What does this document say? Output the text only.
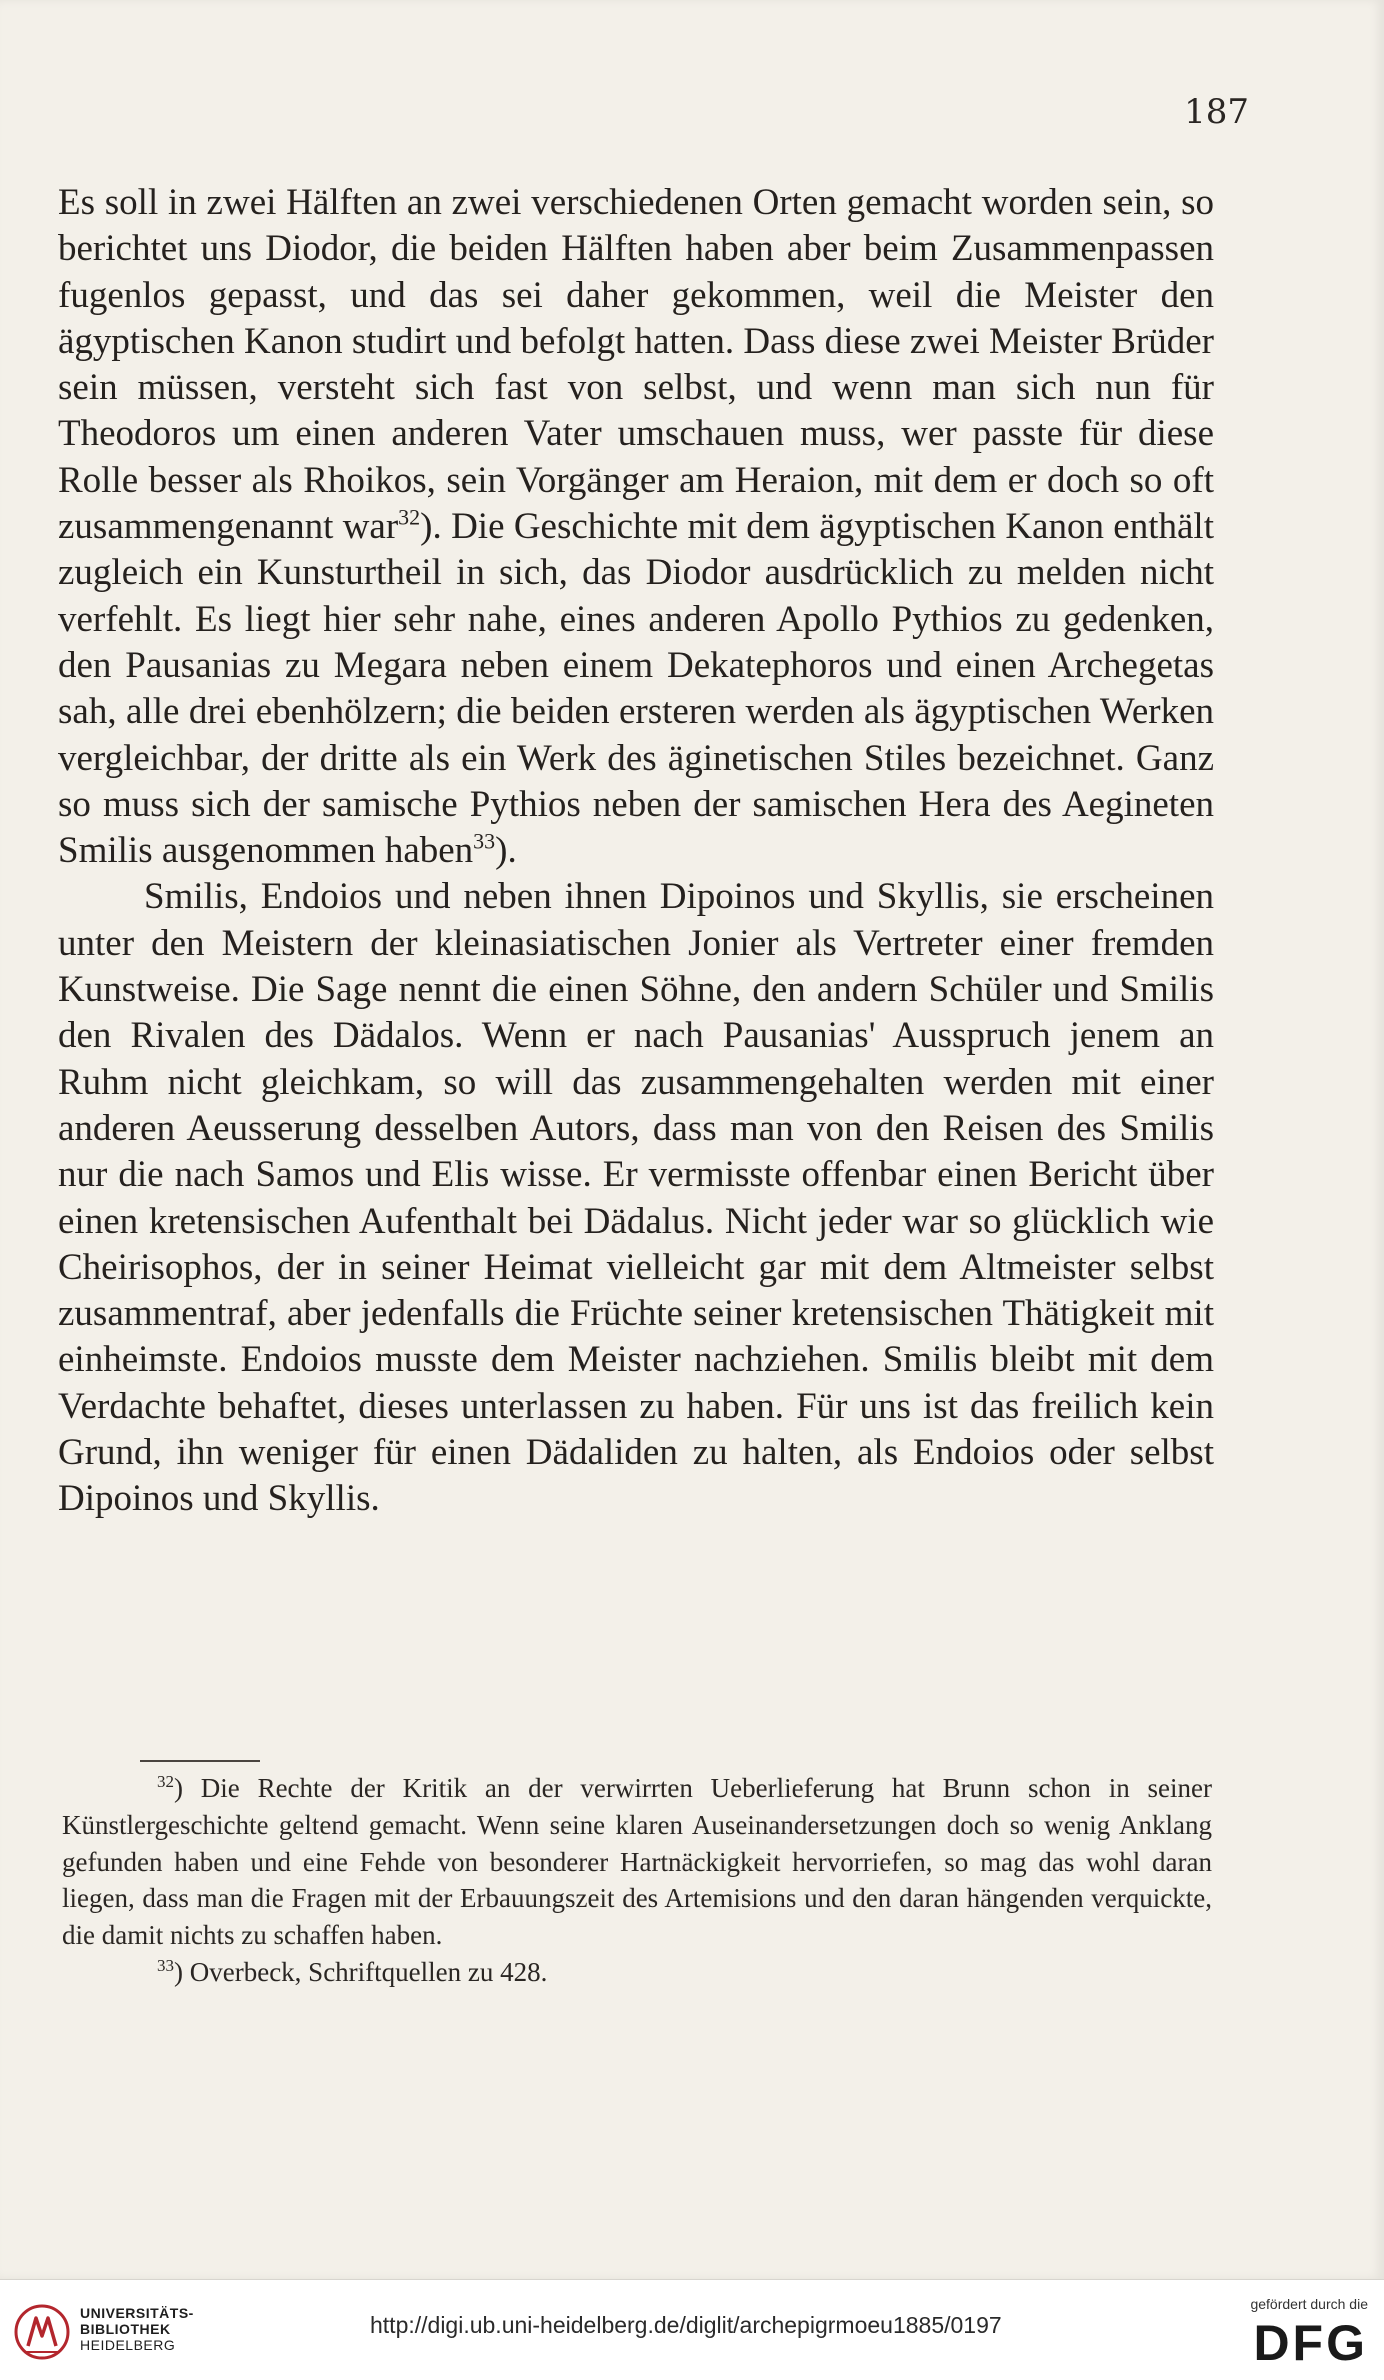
187

Es soll in zwei Hälften an zwei verschiedenen Orten gemacht worden sein, so berichtet uns Diodor, die beiden Hälften haben aber beim Zusammenpassen fugenlos gepasst, und das sei daher gekommen, weil die Meister den ägyptischen Kanon studirt und befolgt hatten. Dass diese zwei Meister Brüder sein müssen, versteht sich fast von selbst, und wenn man sich nun für Theodoros um einen anderen Vater umschauen muss, wer passte für diese Rolle besser als Rhoikos, sein Vorgänger am Heraion, mit dem er doch so oft zusammengenannt war$^{32}$). Die Geschichte mit dem ägyptischen Kanon enthält zugleich ein Kunsturtheil in sich, das Diodor ausdrücklich zu melden nicht verfehlt. Es liegt hier sehr nahe, eines anderen Apollo Pythios zu gedenken, den Pausanias zu Megara neben einem Dekatephoros und einen Archegetas sah, alle drei ebenhölzern; die beiden ersteren werden als ägyptischen Werken vergleichbar, der dritte als ein Werk des äginetischen Stiles bezeichnet. Ganz so muss sich der samische Pythios neben der samischen Hera des Aegineten Smilis ausgenommen haben$^{33}$).

Smilis, Endoios und neben ihnen Dipoinos und Skyllis, sie erscheinen unter den Meistern der kleinasiatischen Jonier als Vertreter einer fremden Kunstweise. Die Sage nennt die einen Söhne, den andern Schüler und Smilis den Rivalen des Dädalos. Wenn er nach Pausanias' Ausspruch jenem an Ruhm nicht gleichkam, so will das zusammengehalten werden mit einer anderen Aeusserung desselben Autors, dass man von den Reisen des Smilis nur die nach Samos und Elis wisse. Er vermisste offenbar einen Bericht über einen kretensischen Aufenthalt bei Dädalus. Nicht jeder war so glücklich wie Cheirisophos, der in seiner Heimat vielleicht gar mit dem Altmeister selbst zusammentraf, aber jedenfalls die Früchte seiner kretensischen Thätigkeit mit einheimste. Endoios musste dem Meister nachziehen. Smilis bleibt mit dem Verdachte behaftet, dieses unterlassen zu haben. Für uns ist das freilich kein Grund, ihn weniger für einen Dädaliden zu halten, als Endoios oder selbst Dipoinos und Skyllis.

$^{32}$) Die Rechte der Kritik an der verwirrten Ueberlieferung hat Brunn schon in seiner Künstlergeschichte geltend gemacht. Wenn seine klaren Auseinandersetzungen doch so wenig Anklang gefunden haben und eine Fehde von besonderer Hartnäckigkeit hervorriefen, so mag das wohl daran liegen, dass man die Fragen mit der Erbauungszeit des Artemisions und den daran hängenden verquickte, die damit nichts zu schaffen haben.

$^{33}$) Overbeck, Schriftquellen zu 428.

UNIVERSITÄTS-
BIBLIOTHEK
HEIDELBERG
http://digi.ub.uni-heidelberg.de/diglit/archepigrmoeu1885/0197
gefördert durch die
DFG
